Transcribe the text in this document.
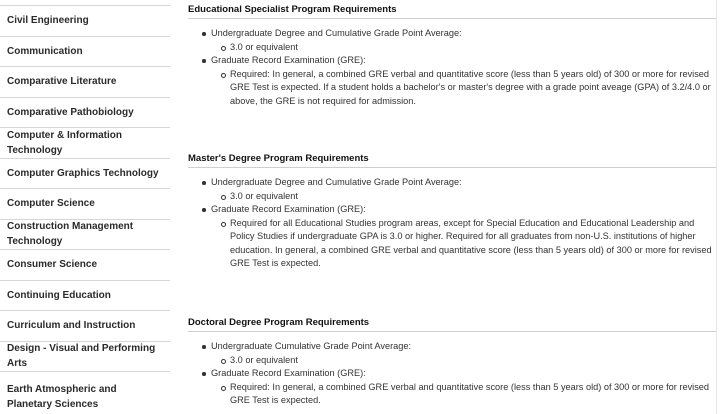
Civil Engineering
Communication
Comparative Literature
Comparative Pathobiology
Computer & Information Technology
Computer Graphics Technology
Computer Science
Construction Management Technology
Consumer Science
Continuing Education
Curriculum and Instruction
Design - Visual and Performing Arts
Earth Atmospheric and Planetary Sciences
Educational Specialist Program Requirements
Undergraduate Degree and Cumulative Grade Point Average:
3.0 or equivalent
Graduate Record Examination (GRE):
Required: In general, a combined GRE verbal and quantitative score (less than 5 years old) of 300 or more for revised GRE Test is expected. If a student holds a bachelor's or master's degree with a grade point aveage (GPA) of 3.2/4.0 or above, the GRE is not required for admission.
Master's Degree Program Requirements
Undergraduate Degree and Cumulative Grade Point Average:
3.0 or equivalent
Graduate Record Examination (GRE):
Required for all Educational Studies program areas, except for Special Education and Educational Leadership and Policy Studies if undergraduate GPA is 3.0 or higher. Required for all graduates from non-U.S. institutions of higher education. In general, a combined GRE verbal and quantitative score (less than 5 years old) of 300 or more for revised GRE Test is expected.
Doctoral Degree Program Requirements
Undergraduate Cumulative Grade Point Average:
3.0 or equivalent
Graduate Record Examination (GRE):
Required: In general, a combined GRE verbal and quantitative score (less than 5 years old) of 300 or more for revised GRE Test is expected.
